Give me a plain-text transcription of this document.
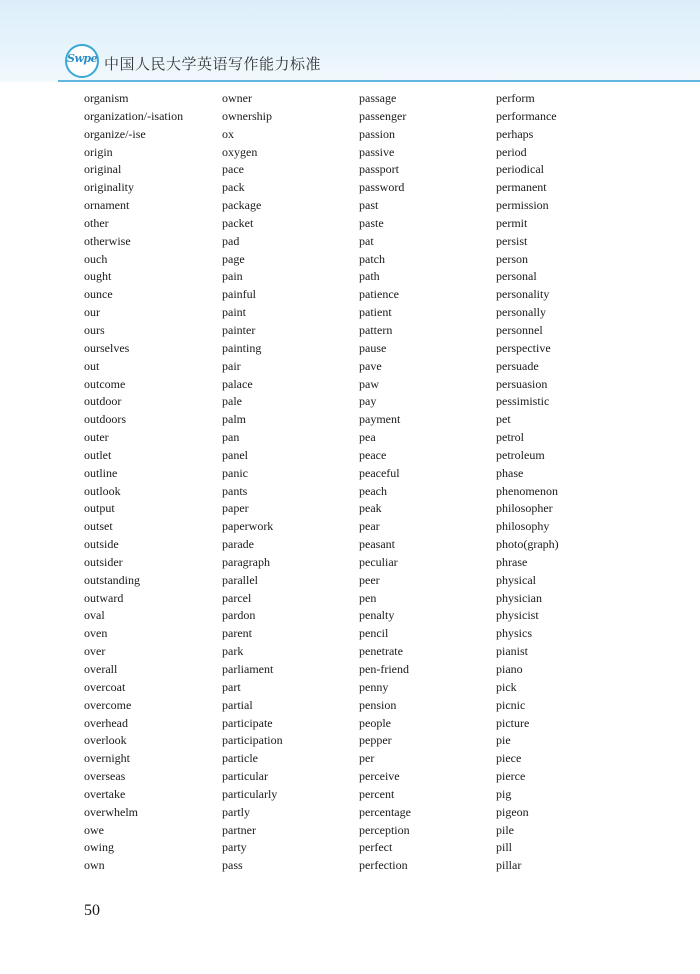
Swpe 中国人民大学英语写作能力标准
organism
organization/-isation
organize/-ise
origin
original
originality
ornament
other
otherwise
ouch
ought
ounce
our
ours
ourselves
out
outcome
outdoor
outdoors
outer
outlet
outline
outlook
output
outset
outside
outsider
outstanding
outward
oval
oven
over
overall
overcoat
overcome
overhead
overlook
overnight
overseas
overtake
overwhelm
owe
owing
own
owner
ownership
ox
oxygen
pace
pack
package
packet
pad
page
pain
painful
paint
painter
painting
pair
palace
pale
palm
pan
panel
panic
pants
paper
paperwork
parade
paragraph
parallel
parcel
pardon
parent
park
parliament
part
partial
participate
participation
particle
particular
particularly
partly
partner
party
pass
passage
passenger
passion
passive
passport
password
past
paste
pat
patch
path
patience
patient
pattern
pause
pave
paw
pay
payment
pea
peace
peaceful
peach
peak
pear
peasant
peculiar
peer
pen
penalty
pencil
penetrate
pen-friend
penny
pension
people
pepper
per
perceive
percent
percentage
perception
perfect
perfection
perform
performance
perhaps
period
periodical
permanent
permission
permit
persist
person
personal
personality
personally
personnel
perspective
persuade
persuasion
pessimistic
pet
petrol
petroleum
phase
phenomenon
philosopher
philosophy
photo(graph)
phrase
physical
physician
physicist
physics
pianist
piano
pick
picnic
picture
pie
piece
pierce
pig
pigeon
pile
pill
pillar
50
